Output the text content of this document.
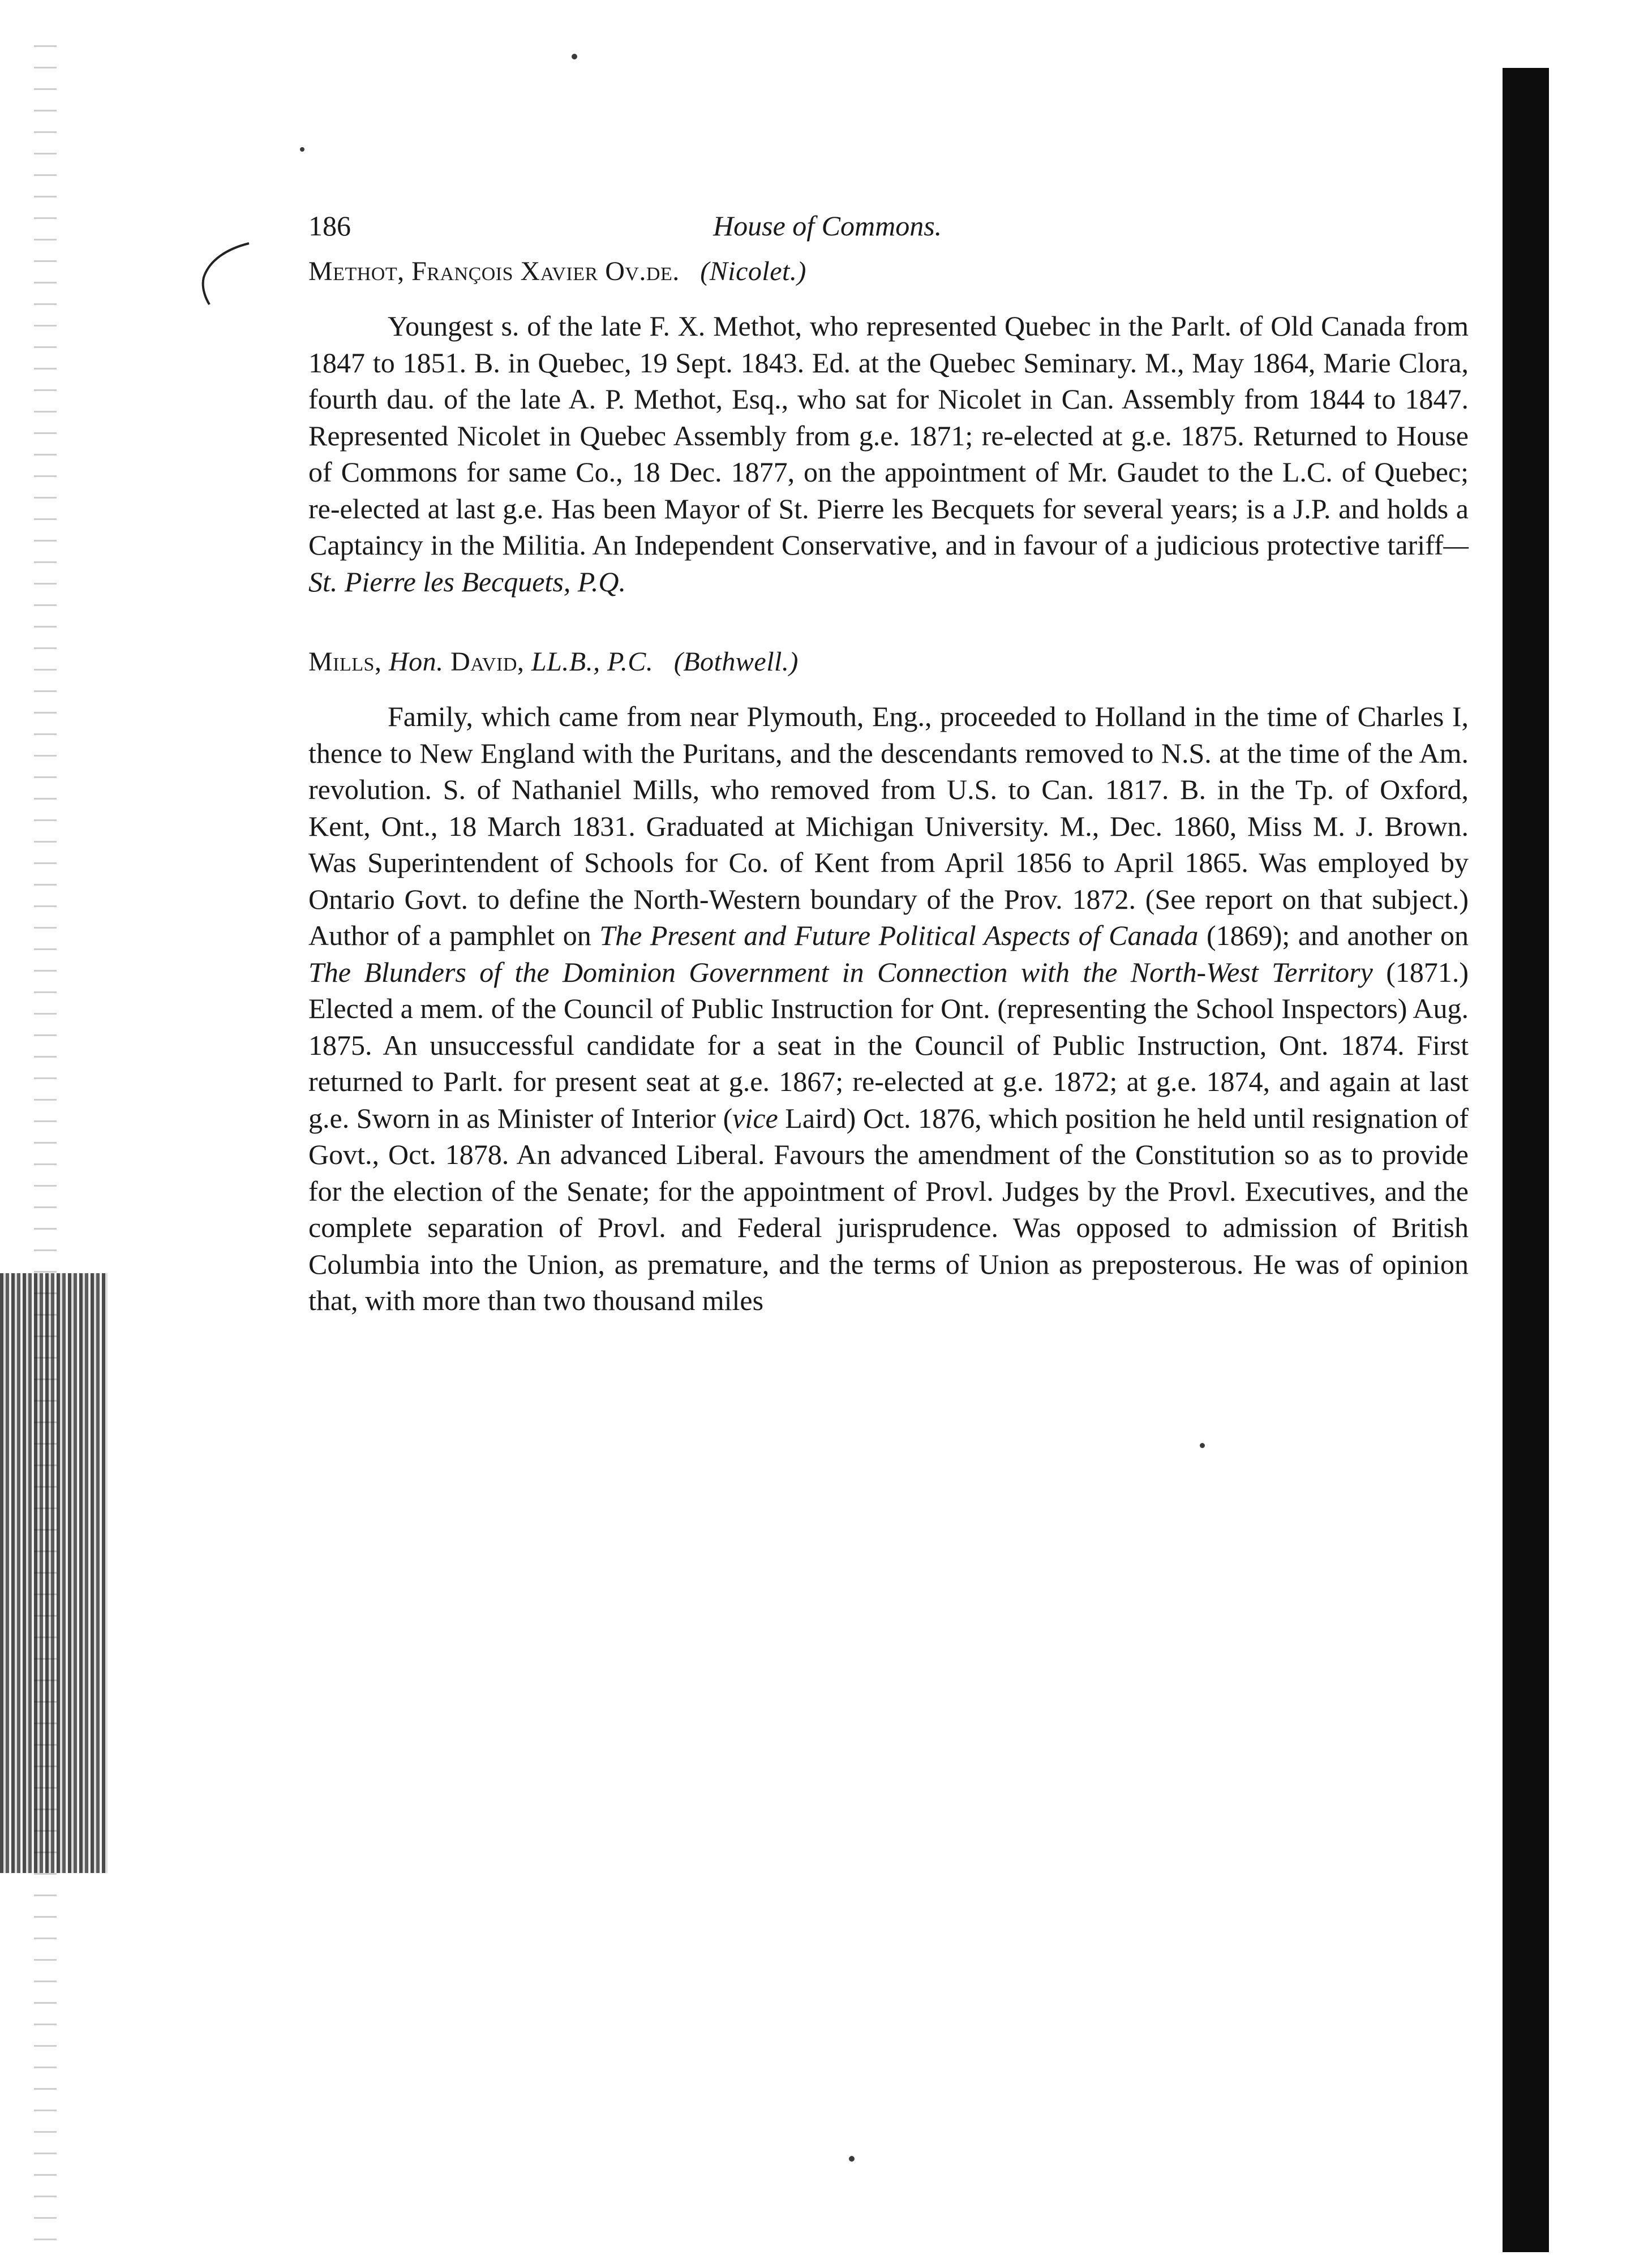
186	House of Commons.
Methot, François Xavier Ov.de. (Nicolet.)

Youngest s. of the late F. X. Methot, who represented Quebec in the Parlt. of Old Canada from 1847 to 1851. B. in Quebec, 19 Sept. 1843. Ed. at the Quebec Seminary. M., May 1864, Marie Clora, fourth dau. of the late A. P. Methot, Esq., who sat for Nicolet in Can. Assembly from 1844 to 1847. Represented Nicolet in Quebec Assembly from g.e. 1871; re-elected at g.e. 1875. Returned to House of Commons for same Co., 18 Dec. 1877, on the appointment of Mr. Gaudet to the L.C. of Quebec; re-elected at last g.e. Has been Mayor of St. Pierre les Becquets for several years; is a J.P. and holds a Captaincy in the Militia. An Independent Conservative, and in favour of a judicious protective tariff—St. Pierre les Becquets, P.Q.

Mills, Hon. David, LL.B., P.C. (Bothwell.)

Family, which came from near Plymouth, Eng., proceeded to Holland in the time of Charles I, thence to New England with the Puritans, and the descendants removed to N.S. at the time of the Am. revolution. S. of Nathaniel Mills, who removed from U.S. to Can. 1817. B. in the Tp. of Oxford, Kent, Ont., 18 March 1831. Graduated at Michigan University. M., Dec. 1860, Miss M. J. Brown. Was Superintendent of Schools for Co. of Kent from April 1856 to April 1865. Was employed by Ontario Govt. to define the North-Western boundary of the Prov. 1872. (See report on that subject.) Author of a pamphlet on The Present and Future Political Aspects of Canada (1869); and another on The Blunders of the Dominion Government in Connection with the North-West Territory (1871.) Elected a mem. of the Council of Public Instruction for Ont. (representing the School Inspectors) Aug. 1875. An unsuccessful candidate for a seat in the Council of Public Instruction, Ont. 1874. First returned to Parlt. for present seat at g.e. 1867; re-elected at g.e. 1872; at g.e. 1874, and again at last g.e. Sworn in as Minister of Interior (vice Laird) Oct. 1876, which position he held until resignation of Govt., Oct. 1878. An advanced Liberal. Favours the amendment of the Constitution so as to provide for the election of the Senate; for the appointment of Provl. Judges by the Provl. Executives, and the complete separation of Provl. and Federal jurisprudence. Was opposed to admission of British Columbia into the Union, as premature, and the terms of Union as preposterous. He was of opinion that, with more than two thousand miles
